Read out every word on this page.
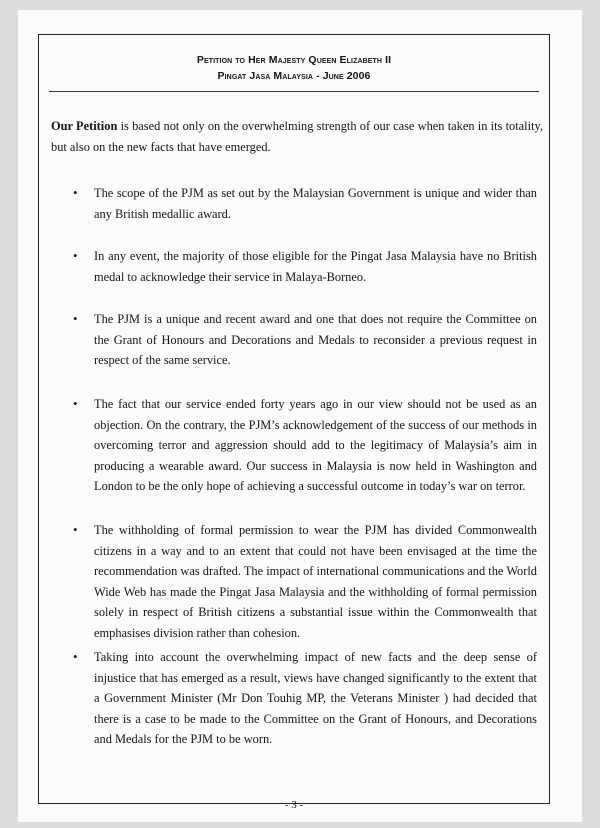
Petition to Her Majesty Queen Elizabeth II
Pingat Jasa Malaysia - June 2006
Our Petition is based not only on the overwhelming strength of our case when taken in its totality, but also on the new facts that have emerged.
• The scope of the PJM as set out by the Malaysian Government is unique and wider than any British medallic award.
• In any event, the majority of those eligible for the Pingat Jasa Malaysia have no British medal to acknowledge their service in Malaya-Borneo.
• The PJM is a unique and recent award and one that does not require the Committee on the Grant of Honours and Decorations and Medals to reconsider a previous request in respect of the same service.
• The fact that our service ended forty years ago in our view should not be used as an objection. On the contrary, the PJM’s acknowledgement of the success of our methods in overcoming terror and aggression should add to the legitimacy of Malaysia’s aim in producing a wearable award. Our success in Malaysia is now held in Washington and London to be the only hope of achieving a successful outcome in today’s war on terror.
• The withholding of formal permission to wear the PJM has divided Commonwealth citizens in a way and to an extent that could not have been envisaged at the time the recommendation was drafted. The impact of international communications and the World Wide Web has made the Pingat Jasa Malaysia and the withholding of formal permission solely in respect of British citizens a substantial issue within the Commonwealth that emphasises division rather than cohesion.
• Taking into account the overwhelming impact of new facts and the deep sense of injustice that has emerged as a result, views have changed significantly to the extent that a Government Minister (Mr Don Touhig MP, the Veterans Minister ) had decided that there is a case to be made to the Committee on the Grant of Honours, and Decorations and Medals for the PJM to be worn.
- 3 -
